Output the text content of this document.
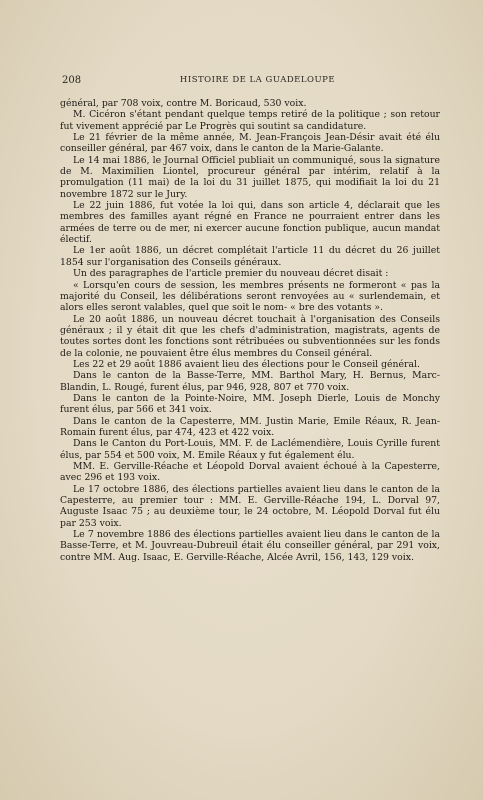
208	HISTOIRE DE LA GUADELOUPE

général, par 708 voix, contre M. Boricaud, 530 voix.

M. Cicéron s'étant pendant quelque temps retiré de la politique ; son retour fut vivement apprécié par Le Progrès qui soutint sa candidature.

Le 21 février de la même année, M. Jean-François Jean-Désir avait été élu conseiller général, par 467 voix, dans le canton de la Marie-Galante.

Le 14 mai 1886, le Journal Officiel publiait un communiqué, sous la signature de M. Maximilien Liontel, procureur général par intérim, relatif à la promulgation (11 mai) de la loi du 31 juillet 1875, qui modifiait la loi du 21 novembre 1872 sur le Jury.

Le 22 juin 1886, fut votée la loi qui, dans son article 4, déclarait que les membres des familles ayant régné en France ne pourraient entrer dans les armées de terre ou de mer, ni exercer aucune fonction publique, aucun mandat électif.

Le 1er août 1886, un décret complétait l'article 11 du décret du 26 juillet 1854 sur l'organisation des Conseils généraux.

Un des paragraphes de l'article premier du nouveau décret disait :

« Lorsqu'en cours de session, les membres présents ne formeront « pas la majorité du Conseil, les délibérations seront renvoyées au « surlendemain, et alors elles seront valables, quel que soit le nom- « bre des votants ».

Le 20 août 1886, un nouveau décret touchait à l'organisation des Conseils généraux ; il y était dit que les chefs d'administration, magistrats, agents de toutes sortes dont les fonctions sont rétribuées ou subventionnées sur les fonds de la colonie, ne pouvaient être élus membres du Conseil général.

Les 22 et 29 août 1886 avaient lieu des élections pour le Conseil général.

Dans le canton de la Basse-Terre, MM. Barthol Mary, H. Bernus, Marc-Blandin, L. Rougé, furent élus, par 946, 928, 807 et 770 voix.

Dans le canton de la Pointe-Noire, MM. Joseph Dierle, Louis de Monchy furent élus, par 566 et 341 voix.

Dans le canton de la Capesterre, MM. Justin Marie, Emile Réaux, R. Jean-Romain furent élus, par 474, 423 et 422 voix.

Dans le Canton du Port-Louis, MM. F. de Laclémendière, Louis Cyrille furent élus, par 554 et 500 voix, M. Emile Réaux y fut également élu.

MM. E. Gerville-Réache et Léopold Dorval avaient échoué à la Capesterre, avec 296 et 193 voix.

Le 17 octobre 1886, des élections partielles avaient lieu dans le canton de la Capesterre, au premier tour : MM. E. Gerville-Réache 194, L. Dorval 97, Auguste Isaac 75 ; au deuxième tour, le 24 octobre, M. Léopold Dorval fut élu par 253 voix.

Le 7 novembre 1886 des élections partielles avaient lieu dans le canton de la Basse-Terre, et M. Jouvreau-Dubreuil était élu conseiller général, par 291 voix, contre MM. Aug. Isaac, E. Gerville-Réache, Alcée Avril, 156, 143, 129 voix.
